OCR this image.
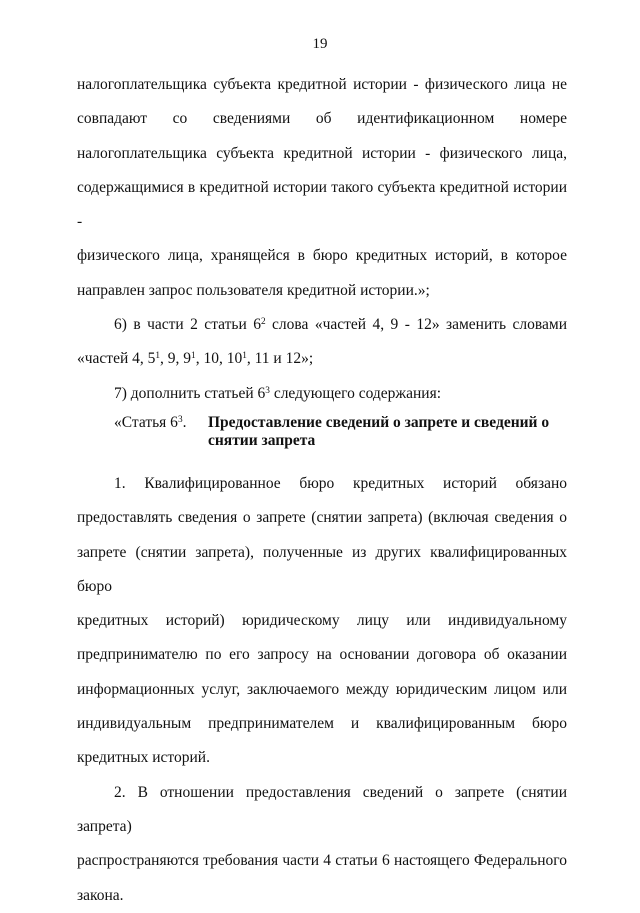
19

налогоплательщика субъекта кредитной истории - физического лица не

совпадают со сведениями об идентификационном номере

налогоплательщика субъекта кредитной истории - физического лица,

содержащимися в кредитной истории такого субъекта кредитной истории -

физического лица, хранящейся в бюро кредитных историй, в которое

направлен запрос пользователя кредитной истории.»;

6) в части 2 статьи $6^2$ слова «частей 4, 9 - 12» заменить словами

«частей 4, $5^1$, 9, $9^1$, 10, $10^1$, 11 и 12»;

7) дополнить статьей $6^3$ следующего содержания:

«Статья $6^3$. Предоставление сведений о запрете и сведений о
снятии запрета

1. Квалифицированное бюро кредитных историй обязано

предоставлять сведения о запрете (снятии запрета) (включая сведения о

запрете (снятии запрета), полученные из других квалифицированных бюро

кредитных историй) юридическому лицу или индивидуальному

предпринимателю по его запросу на основании договора об оказании

информационных услуг, заключаемого между юридическим лицом или

индивидуальным предпринимателем и квалифицированным бюро

кредитных историй.

2. В отношении предоставления сведений о запрете (снятии запрета)

распространяются требования части 4 статьи 6 настоящего Федерального

закона.
